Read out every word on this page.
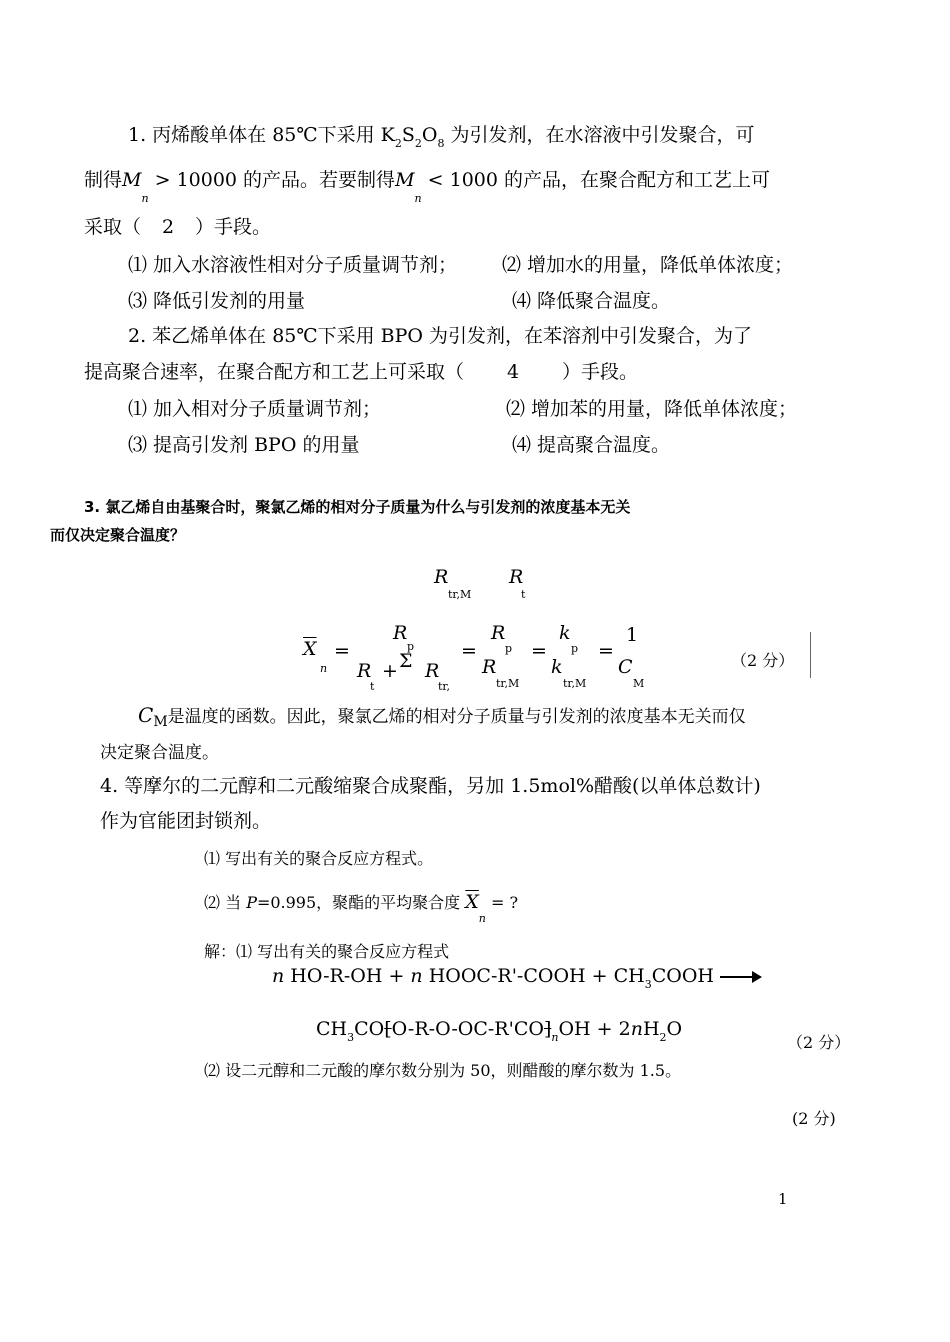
1. 丙烯酸单体在 85℃下采用 $K_2S_2O_8$ 为引发剂，在水溶液中引发聚合，可
制得$M_n > 10000$ 的产品。若要制得$M_n < 1000$ 的产品，在聚合配方和工艺上可
采取（ 2 ）手段。
⑴ 加入水溶液性相对分子质量调节剂； ⑵ 增加水的用量，降低单体浓度；
⑶ 降低引发剂的用量	⑷ 降低聚合温度。
2. 苯乙烯单体在 85℃下采用 BPO 为引发剂，在苯溶剂中引发聚合，为了
提高聚合速率，在聚合配方和工艺上可采取（ 4 ）手段。
⑴ 加入相对分子质量调节剂；	⑵ 增加苯的用量，降低单体浓度；
⑶ 提高引发剂 BPO 的用量	⑷ 提高聚合温度。
3. 氯乙烯自由基聚合时，聚氯乙烯的相对分子质量为什么与引发剂的浓度基本无关
而仅决定聚合温度？
R
tr,M
R
t
$\overline{X}$
n
=
R
p
R
t
+ Σ R
tr,
=
R
p
R
tr,M
=
k
p
k
tr,M
=
1
C
M
（2 分）
$C_M$是温度的函数。因此，聚氯乙烯的相对分子质量与引发剂的浓度基本无关而仅
决定聚合温度。
4. 等摩尔的二元醇和二元酸缩聚合成聚酯，另加 1.5mol%醋酸(以单体总数计)
作为官能团封锁剂。
⑴ 写出有关的聚合反应方程式。
⑵ 当 P=0.995，聚酯的平均聚合度 $\overline{X}_n$ = ?
解：⑴ 写出有关的聚合反应方程式
n HO-R-OH + n HOOC-R'-COOH + $CH_3COOH$ →
$CH_3CO[O-R-O-OC-R'CO]_nOH + 2nH_2O$
（2 分）
⑵ 设二元醇和二元酸的摩尔数分别为 50，则醋酸的摩尔数为 1.5。
(2 分)
1
